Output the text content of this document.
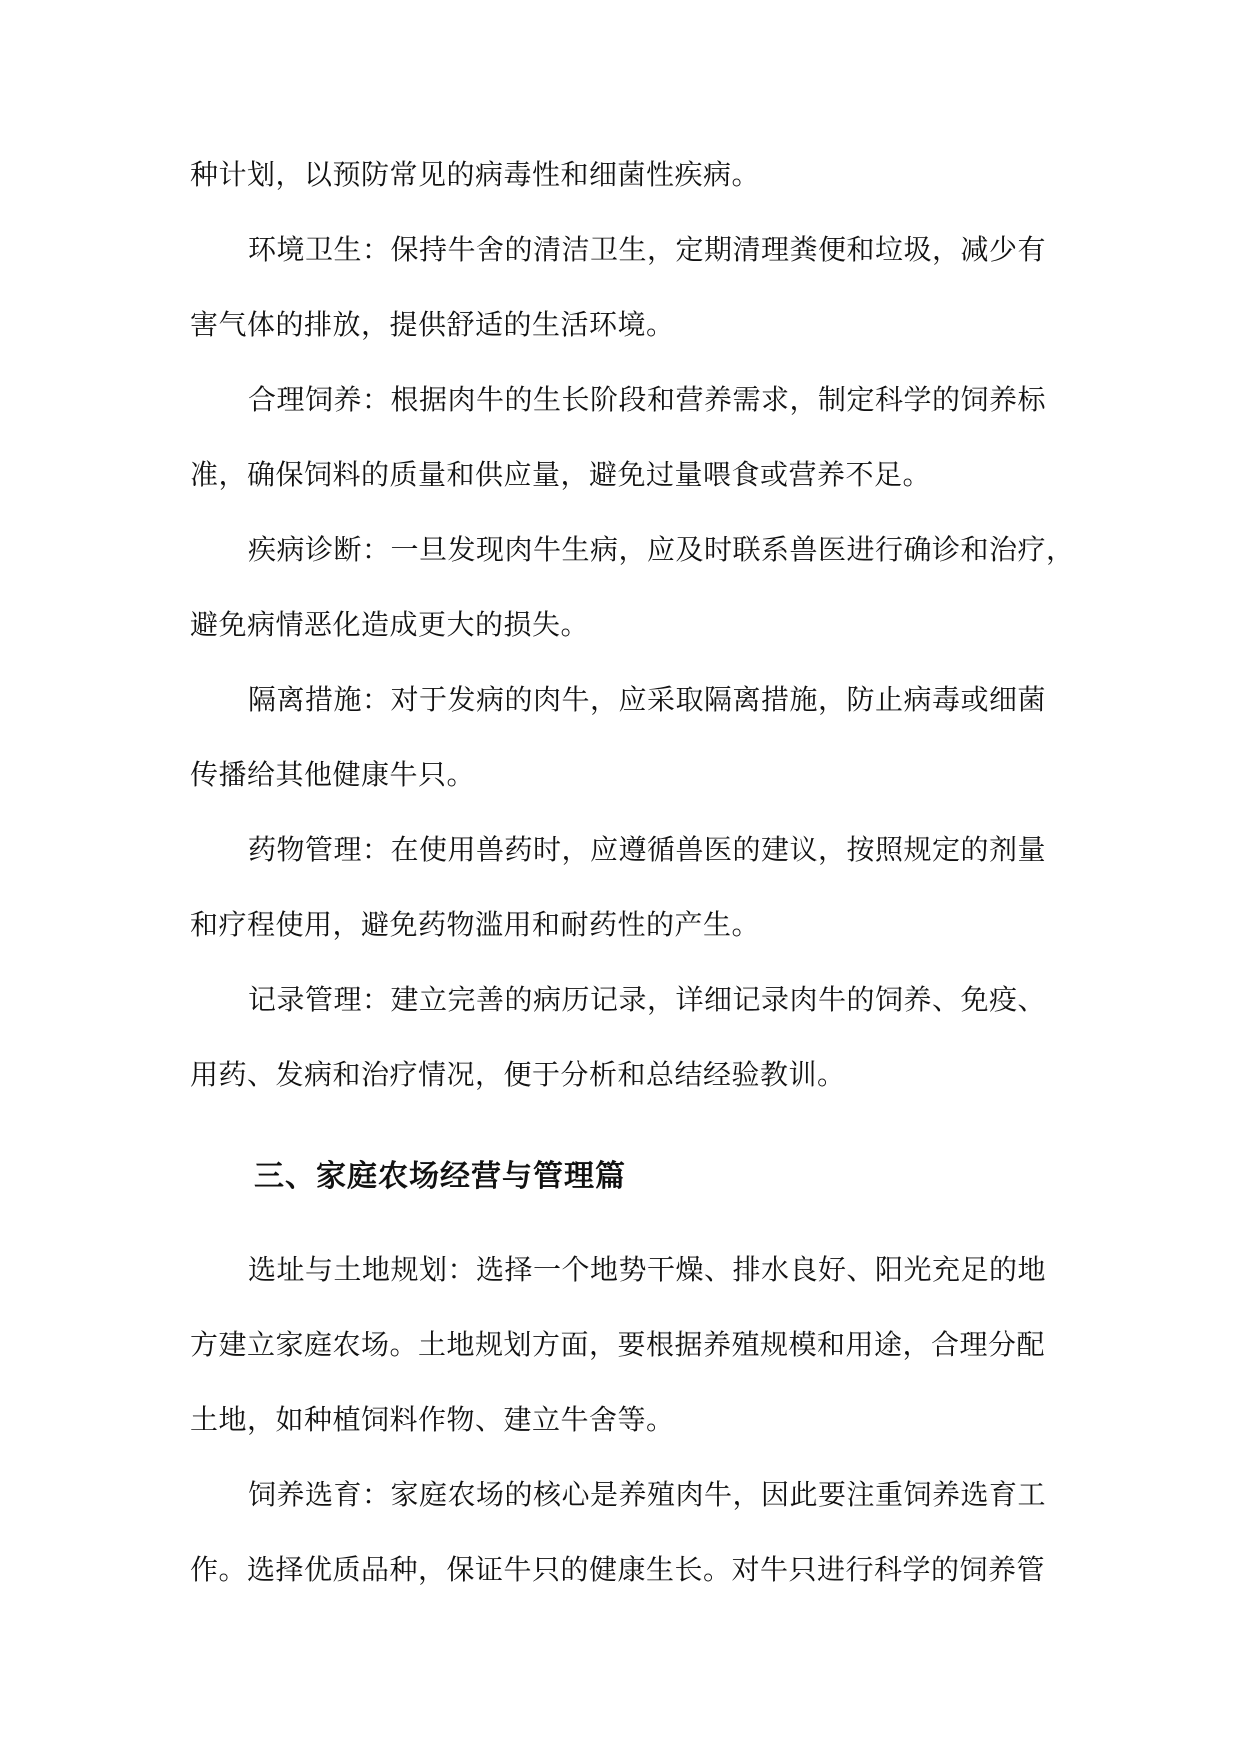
种计划，以预防常见的病毒性和细菌性疾病。
环境卫生：保持牛舍的清洁卫生，定期清理粪便和垃圾，减少有
害气体的排放，提供舒适的生活环境。
合理饲养：根据肉牛的生长阶段和营养需求，制定科学的饲养标
准，确保饲料的质量和供应量，避免过量喂食或营养不足。
疾病诊断：一旦发现肉牛生病，应及时联系兽医进行确诊和治疗，
避免病情恶化造成更大的损失。
隔离措施：对于发病的肉牛，应采取隔离措施，防止病毒或细菌
传播给其他健康牛只。
药物管理：在使用兽药时，应遵循兽医的建议，按照规定的剂量
和疗程使用，避免药物滥用和耐药性的产生。
记录管理：建立完善的病历记录，详细记录肉牛的饲养、免疫、
用药、发病和治疗情况，便于分析和总结经验教训。
三、家庭农场经营与管理篇
选址与土地规划：选择一个地势干燥、排水良好、阳光充足的地
方建立家庭农场。土地规划方面，要根据养殖规模和用途，合理分配
土地，如种植饲料作物、建立牛舍等。
饲养选育：家庭农场的核心是养殖肉牛，因此要注重饲养选育工
作。选择优质品种，保证牛只的健康生长。对牛只进行科学的饲养管
